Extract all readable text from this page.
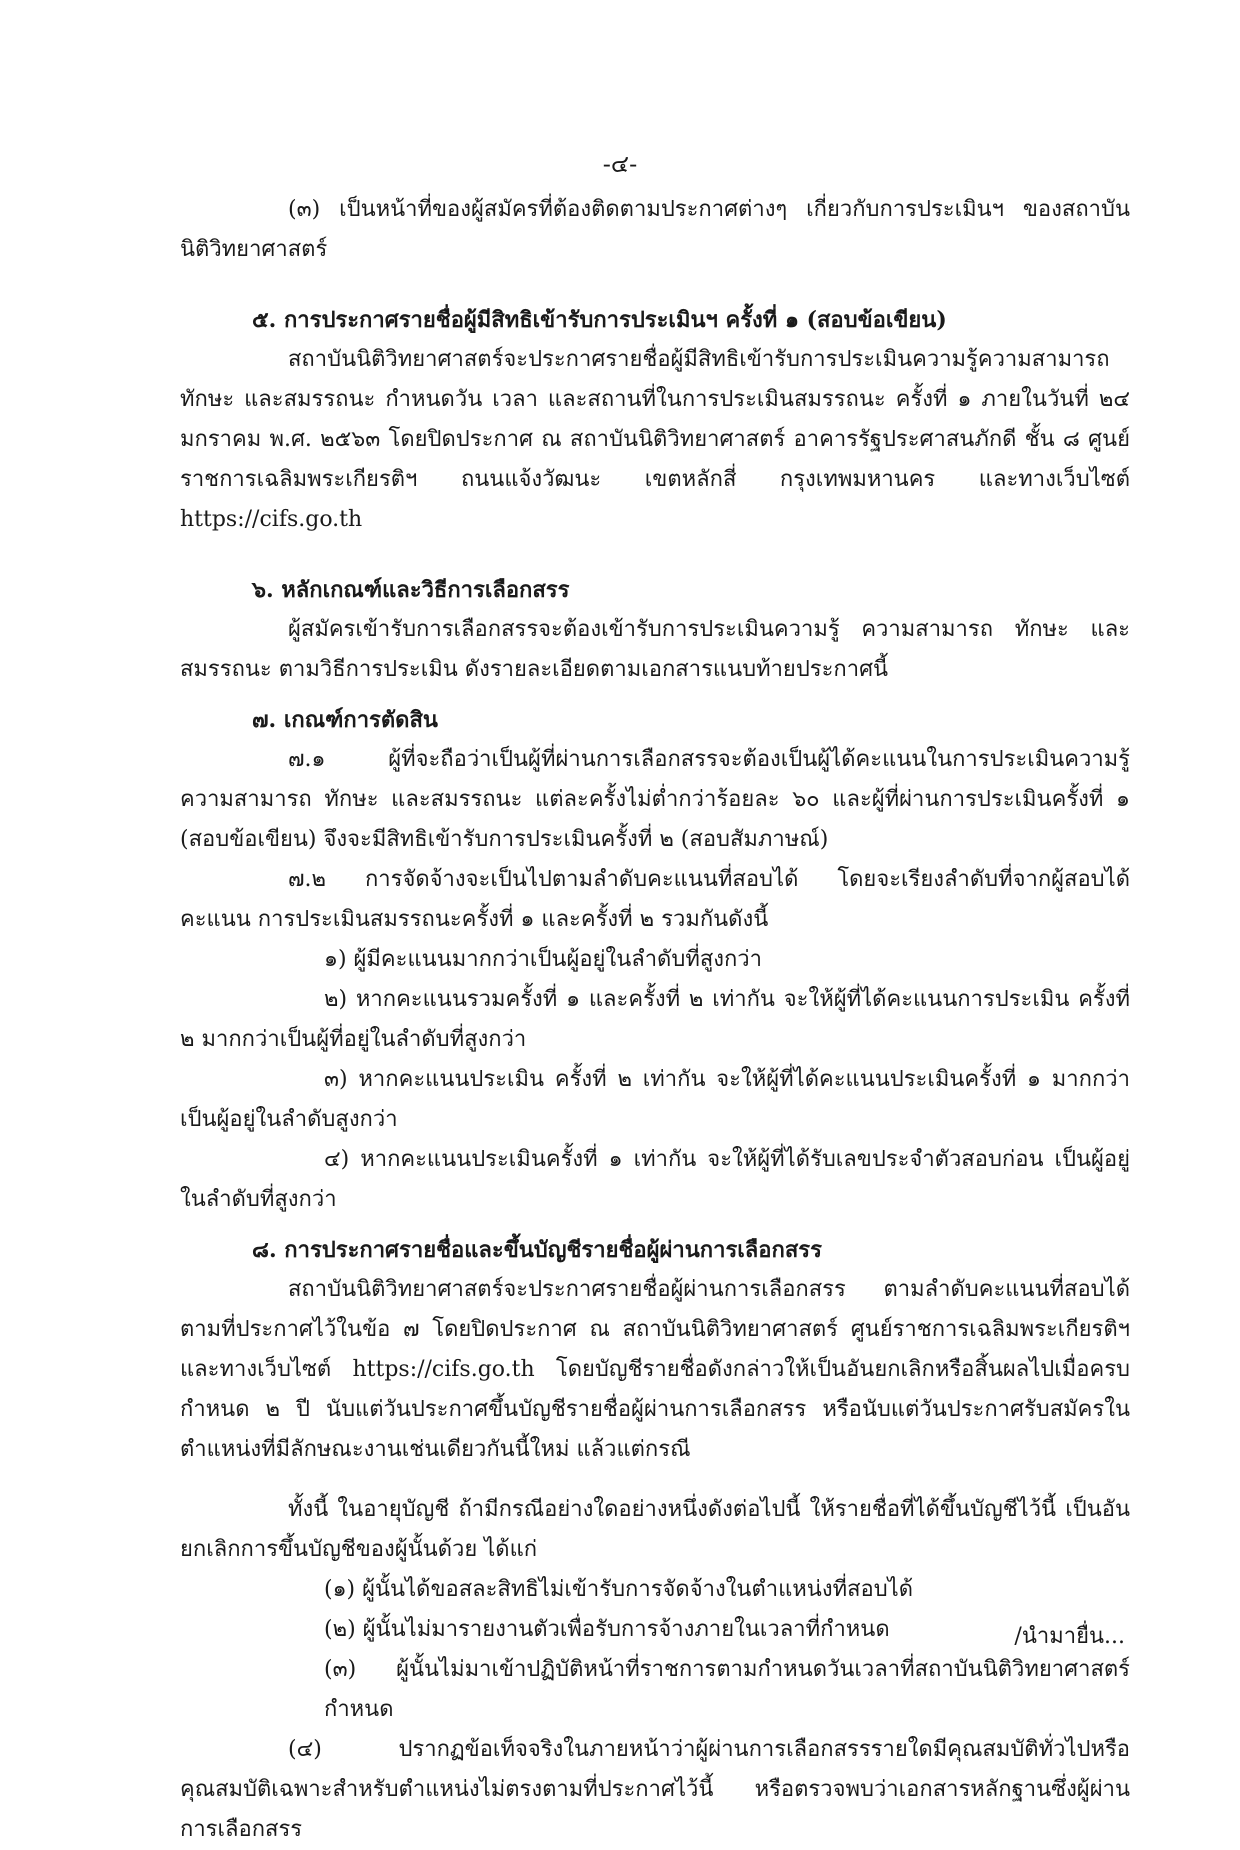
-๔-

(๓) เป็นหน้าที่ของผู้สมัครที่ต้องติดตามประกาศต่างๆ เกี่ยวกับการประเมินฯ ของสถาบันนิติวิทยาศาสตร์

๕. การประกาศรายชื่อผู้มีสิทธิเข้ารับการประเมินฯ ครั้งที่ ๑ (สอบข้อเขียน)

สถาบันนิติวิทยาศาสตร์จะประกาศรายชื่อผู้มีสิทธิเข้ารับการประเมินความรู้ความสามารถ ทักษะ และสมรรถนะ กำหนดวัน เวลา และสถานที่ในการประเมินสมรรถนะ ครั้งที่ ๑ ภายในวันที่ ๒๔ มกราคม พ.ศ. ๒๕๖๓ โดยปิดประกาศ ณ สถาบันนิติวิทยาศาสตร์ อาคารรัฐประศาสนภักดี ชั้น ๘ ศูนย์ราชการเฉลิมพระเกียรติฯ ถนนแจ้งวัฒนะ เขตหลักสี่ กรุงเทพมหานคร และทางเว็บไซต์ https://cifs.go.th

๖. หลักเกณฑ์และวิธีการเลือกสรร

ผู้สมัครเข้ารับการเลือกสรรจะต้องเข้ารับการประเมินความรู้ ความสามารถ ทักษะ และสมรรถนะ ตามวิธีการประเมิน ดังรายละเอียดตามเอกสารแนบท้ายประกาศนี้

๗. เกณฑ์การตัดสิน

๗.๑ ผู้ที่จะถือว่าเป็นผู้ที่ผ่านการเลือกสรรจะต้องเป็นผู้ได้คะแนนในการประเมินความรู้ ความสามารถ ทักษะ และสมรรถนะ แต่ละครั้งไม่ต่ำกว่าร้อยละ ๖๐ และผู้ที่ผ่านการประเมินครั้งที่ ๑ (สอบข้อเขียน) จึงจะมีสิทธิเข้ารับการประเมินครั้งที่ ๒ (สอบสัมภาษณ์)

๗.๒ การจัดจ้างจะเป็นไปตามลำดับคะแนนที่สอบได้ โดยจะเรียงลำดับที่จากผู้สอบได้คะแนน การประเมินสมรรถนะครั้งที่ ๑ และครั้งที่ ๒ รวมกันดังนี้

๑) ผู้มีคะแนนมากกว่าเป็นผู้อยู่ในลำดับที่สูงกว่า

๒) หากคะแนนรวมครั้งที่ ๑ และครั้งที่ ๒ เท่ากัน จะให้ผู้ที่ได้คะแนนการประเมิน ครั้งที่ ๒ มากกว่าเป็นผู้ที่อยู่ในลำดับที่สูงกว่า

๓) หากคะแนนประเมิน ครั้งที่ ๒ เท่ากัน จะให้ผู้ที่ได้คะแนนประเมินครั้งที่ ๑ มากกว่า เป็นผู้อยู่ในลำดับสูงกว่า

๔) หากคะแนนประเมินครั้งที่ ๑ เท่ากัน จะให้ผู้ที่ได้รับเลขประจำตัวสอบก่อน เป็นผู้อยู่ในลำดับที่สูงกว่า

๘. การประกาศรายชื่อและขึ้นบัญชีรายชื่อผู้ผ่านการเลือกสรร

สถาบันนิติวิทยาศาสตร์จะประกาศรายชื่อผู้ผ่านการเลือกสรร ตามลำดับคะแนนที่สอบได้ ตามที่ประกาศไว้ในข้อ ๗ โดยปิดประกาศ ณ สถาบันนิติวิทยาศาสตร์ ศูนย์ราชการเฉลิมพระเกียรติฯ และทางเว็บไซต์ https://cifs.go.th โดยบัญชีรายชื่อดังกล่าวให้เป็นอันยกเลิกหรือสิ้นผลไปเมื่อครบกำหนด ๒ ปี นับแต่วันประกาศขึ้นบัญชีรายชื่อผู้ผ่านการเลือกสรร หรือนับแต่วันประกาศรับสมัครในตำแหน่งที่มีลักษณะงานเช่นเดียวกันนี้ใหม่ แล้วแต่กรณี

ทั้งนี้ ในอายุบัญชี ถ้ามีกรณีอย่างใดอย่างหนึ่งดังต่อไปนี้ ให้รายชื่อที่ได้ขึ้นบัญชีไว้นี้ เป็นอันยกเลิกการขึ้นบัญชีของผู้นั้นด้วย ได้แก่

(๑) ผู้นั้นได้ขอสละสิทธิไม่เข้ารับการจัดจ้างในตำแหน่งที่สอบได้

(๒) ผู้นั้นไม่มารายงานตัวเพื่อรับการจ้างภายในเวลาที่กำหนด

(๓) ผู้นั้นไม่มาเข้าปฏิบัติหน้าที่ราชการตามกำหนดวันเวลาที่สถาบันนิติวิทยาศาสตร์กำหนด

(๔) ปรากฏข้อเท็จจริงในภายหน้าว่าผู้ผ่านการเลือกสรรรายใดมีคุณสมบัติทั่วไปหรือคุณสมบัติเฉพาะสำหรับตำแหน่งไม่ตรงตามที่ประกาศไว้นี้ หรือตรวจพบว่าเอกสารหลักฐานซึ่งผู้ผ่านการเลือกสรร

/นำมายื่น...
